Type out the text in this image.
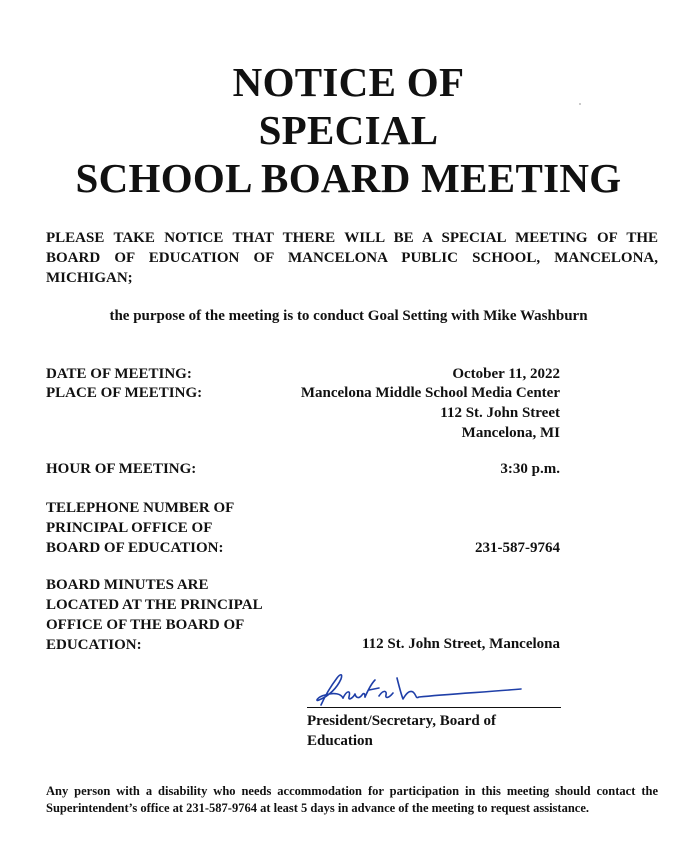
NOTICE OF
SPECIAL
SCHOOL BOARD MEETING
PLEASE TAKE NOTICE THAT THERE WILL BE A SPECIAL MEETING OF THE BOARD OF EDUCATION OF MANCELONA PUBLIC SCHOOL, MANCELONA, MICHIGAN;
the purpose of the meeting is to conduct Goal Setting with Mike Washburn
DATE OF MEETING:	October 11, 2022
PLACE OF MEETING:	Mancelona Middle School Media Center
112 St. John Street
Mancelona, MI
HOUR OF MEETING:	3:30 p.m.
TELEPHONE NUMBER OF
PRINCIPAL OFFICE OF
BOARD OF EDUCATION:	231-587-9764
BOARD MINUTES ARE
LOCATED AT THE PRINCIPAL
OFFICE OF THE BOARD OF
EDUCATION:	112 St. John Street, Mancelona
President/Secretary, Board of Education
Any person with a disability who needs accommodation for participation in this meeting should contact the Superintendent’s office at 231-587-9764 at least 5 days in advance of the meeting to request assistance.
